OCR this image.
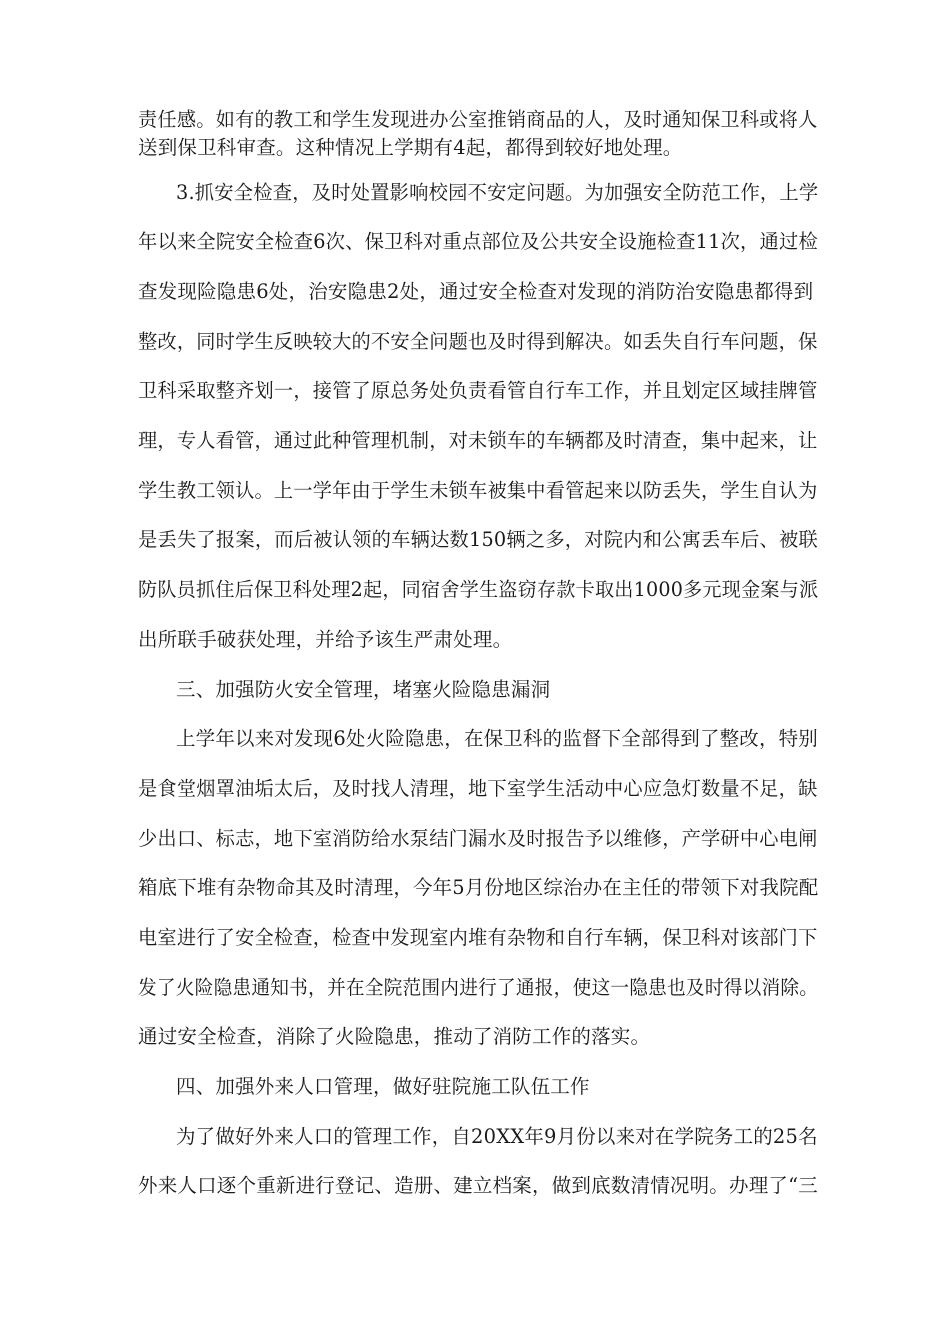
责任感。如有的教工和学生发现进办公室推销商品的人，及时通知保卫科或将人

送到保卫科审查。这种情况上学期有4起，都得到较好地处理。

3.抓安全检查，及时处置影响校园不安定问题。为加强安全防范工作，上学

年以来全院安全检查6次、保卫科对重点部位及公共安全设施检查11次，通过检

查发现险隐患6处，治安隐患2处，通过安全检查对发现的消防治安隐患都得到

整改，同时学生反映较大的不安全问题也及时得到解决。如丢失自行车问题，保

卫科采取整齐划一，接管了原总务处负责看管自行车工作，并且划定区域挂牌管

理，专人看管，通过此种管理机制，对未锁车的车辆都及时清查，集中起来，让

学生教工领认。上一学年由于学生未锁车被集中看管起来以防丢失，学生自认为

是丢失了报案，而后被认领的车辆达数150辆之多，对院内和公寓丢车后、被联

防队员抓住后保卫科处理2起，同宿舍学生盗窃存款卡取出1000多元现金案与派

出所联手破获处理，并给予该生严肃处理。

三、加强防火安全管理，堵塞火险隐患漏洞

上学年以来对发现6处火险隐患，在保卫科的监督下全部得到了整改，特别

是食堂烟罩油垢太后，及时找人清理，地下室学生活动中心应急灯数量不足，缺

少出口、标志，地下室消防给水泵结门漏水及时报告予以维修，产学研中心电闸

箱底下堆有杂物命其及时清理，今年5月份地区综治办在主任的带领下对我院配

电室进行了安全检查，检查中发现室内堆有杂物和自行车辆，保卫科对该部门下

发了火险隐患通知书，并在全院范围内进行了通报，使这一隐患也及时得以消除。

通过安全检查，消除了火险隐患，推动了消防工作的落实。

四、加强外来人口管理，做好驻院施工队伍工作

为了做好外来人口的管理工作，自20XX年9月份以来对在学院务工的25名

外来人口逐个重新进行登记、造册、建立档案，做到底数清情况明。办理了“三
